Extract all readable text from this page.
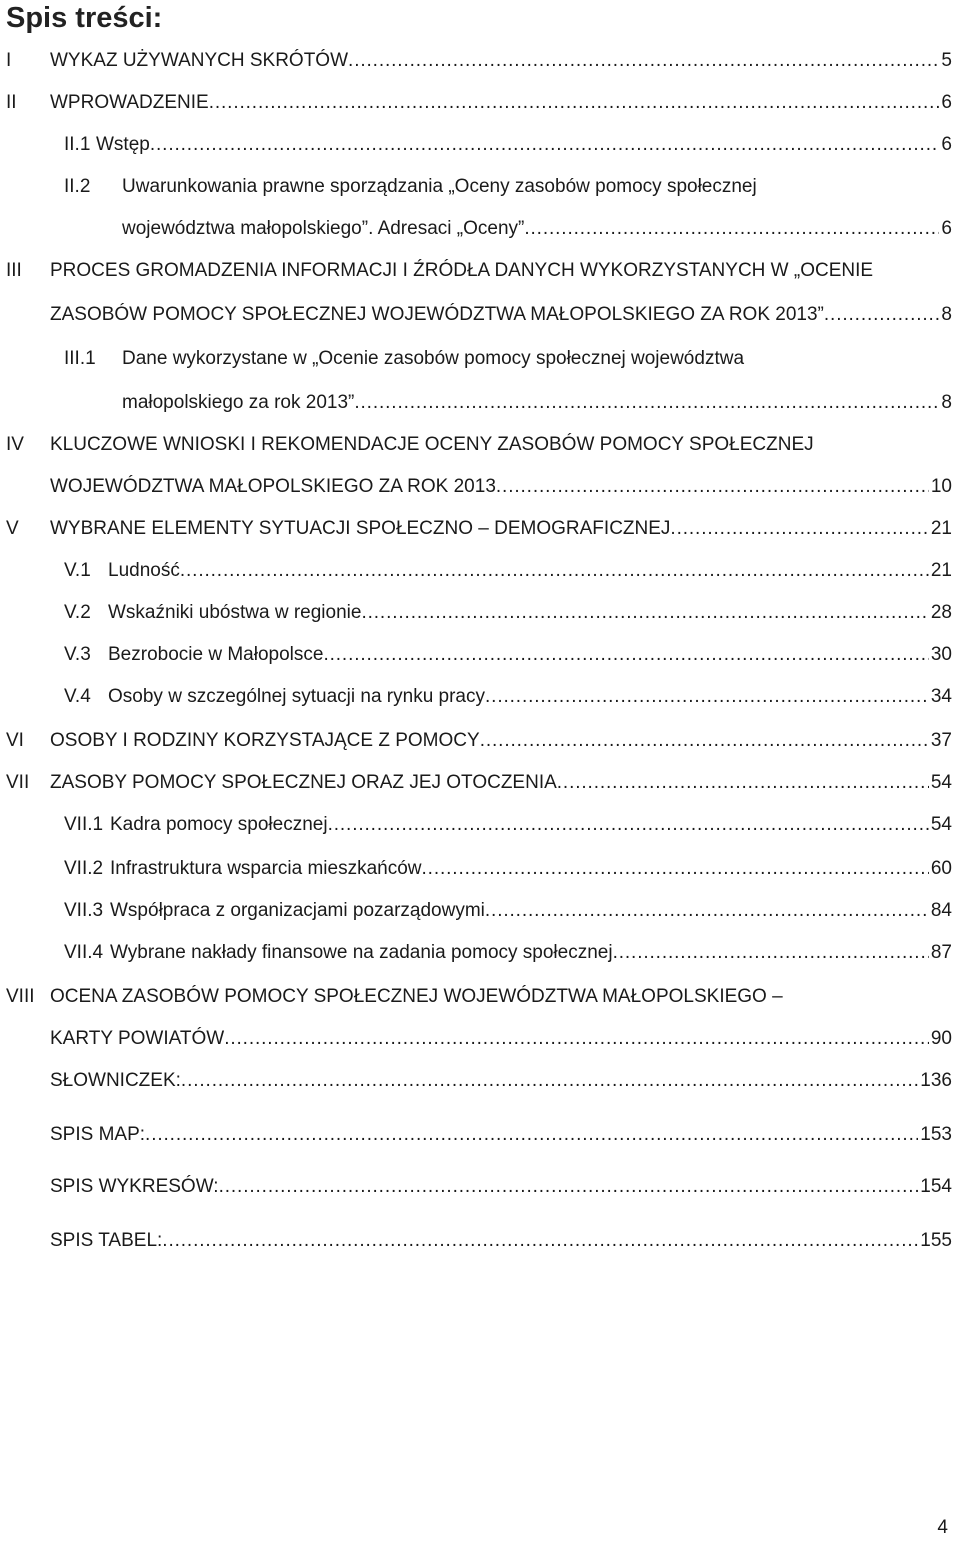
Spis treści:
I WYKAZ UŻYWANYCH SKRÓTÓW . . .	5
II WPROWADZENIE . . .	6
II.1 Wstęp . . .	6
II.2 Uwarunkowania prawne sporządzania „Oceny zasobów pomocy społecznej
województwa małopolskiego”. Adresaci „Oceny” . . .	6
III PROCES GROMADZENIA INFORMACJI I ŹRÓDŁA DANYCH WYKORZYSTANYCH W „OCENIE
ZASOBÓW POMOCY SPOŁECZNEJ WOJEWÓDZTWA MAŁOPOLSKIEGO ZA ROK 2013” . . .	8
III.1 Dane wykorzystane w „Ocenie zasobów pomocy społecznej województwa
małopolskiego za rok 2013” . . .	8
IV KLUCZOWE WNIOSKI I REKOMENDACJE OCENY ZASOBÓW POMOCY SPOŁECZNEJ
WOJEWÓDZTWA MAŁOPOLSKIEGO ZA ROK 2013 . . .	10
V WYBRANE ELEMENTY SYTUACJI SPOŁECZNO – DEMOGRAFICZNEJ . . .	21
V.1 Ludność . . .	21
V.2 Wskaźniki ubóstwa w regionie . . .	28
V.3 Bezrobocie w Małopolsce . . .	30
V.4 Osoby w szczególnej sytuacji na rynku pracy . . .	34
VI OSOBY I RODZINY KORZYSTAJĄCE Z POMOCY . . .	37
VII ZASOBY POMOCY SPOŁECZNEJ ORAZ JEJ OTOCZENIA . . .	54
VII.1 Kadra pomocy społecznej . . .	54
VII.2 Infrastruktura wsparcia mieszkańców . . .	60
VII.3 Współpraca z organizacjami pozarządowymi . . .	84
VII.4 Wybrane nakłady finansowe na zadania pomocy społecznej . . .	87
VIII OCENA ZASOBÓW POMOCY SPOŁECZNEJ WOJEWÓDZTWA MAŁOPOLSKIEGO –
KARTY POWIATÓW . . .	90
SŁOWNICZEK: . . .	136
SPIS MAP: . . .	153
SPIS WYKRESÓW: . . .	154
SPIS TABEL: . . .	155
4
